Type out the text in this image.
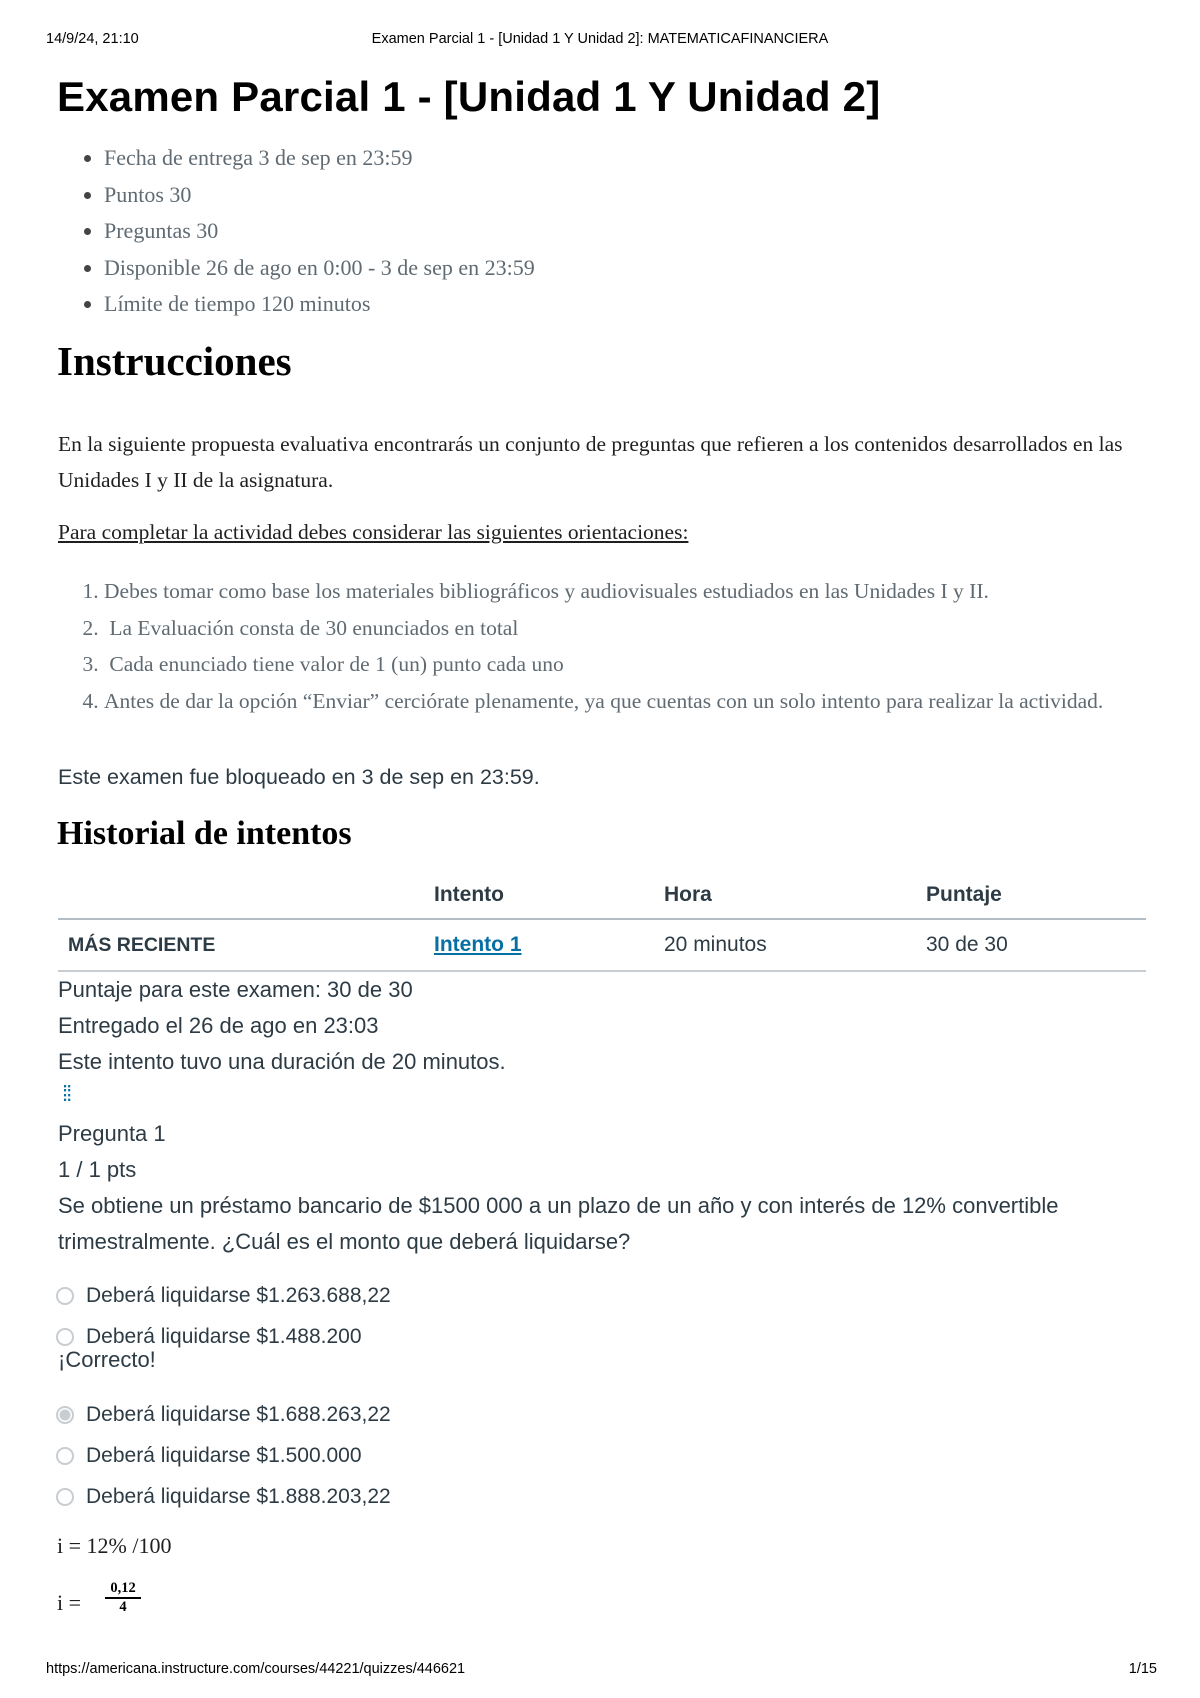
14/9/24, 21:10	Examen Parcial 1 - [Unidad 1 Y Unidad 2]: MATEMATICAFINANCIERA
Examen Parcial 1 - [Unidad 1 Y Unidad 2]
• Fecha de entrega 3 de sep en 23:59
• Puntos 30
• Preguntas 30
• Disponible 26 de ago en 0:00 - 3 de sep en 23:59
• Límite de tiempo 120 minutos
Instrucciones

En la siguiente propuesta evaluativa encontrarás un conjunto de preguntas que refieren a los contenidos desarrollados en las Unidades I y II de la asignatura.

Para completar la actividad debes considerar las siguientes orientaciones:

1. Debes tomar como base los materiales bibliográficos y audiovisuales estudiados en las Unidades I y II.
2.  La Evaluación consta de 30 enunciados en total
3.  Cada enunciado tiene valor de 1 (un) punto cada uno
4. Antes de dar la opción “Enviar” cerciórate plenamente, ya que cuentas con un solo intento para realizar la actividad.

Este examen fue bloqueado en 3 de sep en 23:59.

Historial de intentos
	Intento	Hora	Puntaje
MÁS RECIENTE	Intento 1	20 minutos	30 de 30
Puntaje para este examen: 30 de 30
Entregado el 26 de ago en 23:03
Este intento tuvo una duración de 20 minutos.
⁞⁞
Pregunta 1
1 / 1 pts
Se obtiene un préstamo bancario de $1500 000 a un plazo de un año y con interés de 12% convertible trimestralmente. ¿Cuál es el monto que deberá liquidarse?
Deberá liquidarse $1.263.688,22
Deberá liquidarse $1.488.200
¡Correcto!
Deberá liquidarse $1.688.263,22
Deberá liquidarse $1.500.000
Deberá liquidarse $1.888.203,22
i = 12% /100
$i = \frac{0,12}{4}$
https://americana.instructure.com/courses/44221/quizzes/446621	1/15
